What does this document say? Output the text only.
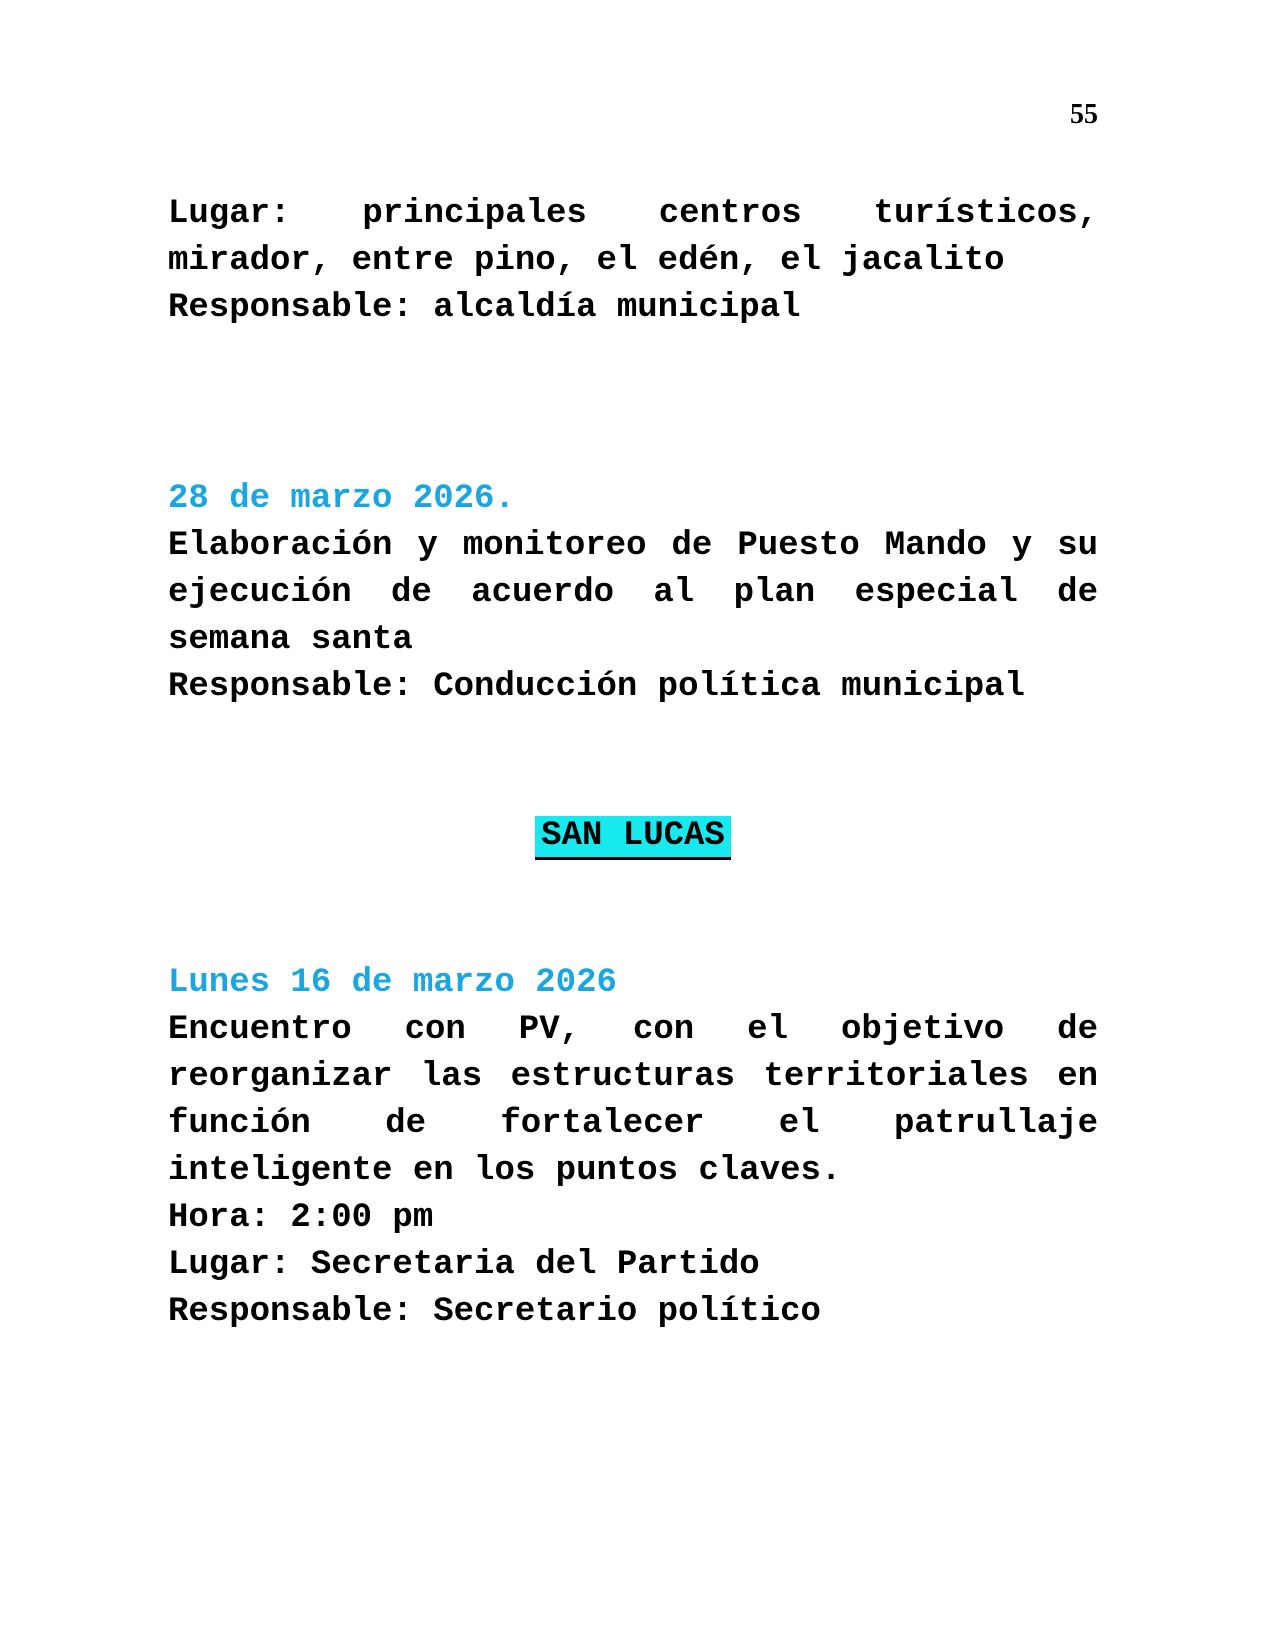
55
Lugar: principales centros turísticos,
mirador, entre pino, el edén, el jacalito
Responsable: alcaldía municipal
28 de marzo 2026.
Elaboración y monitoreo de Puesto Mando y su
ejecución de acuerdo al plan especial de
semana santa
Responsable: Conducción política municipal
SAN LUCAS
Lunes 16 de marzo 2026
Encuentro con PV, con el objetivo de
reorganizar las estructuras territoriales en
función de fortalecer el patrullaje
inteligente en los puntos claves.
Hora: 2:00 pm
Lugar: Secretaria del Partido
Responsable: Secretario político
